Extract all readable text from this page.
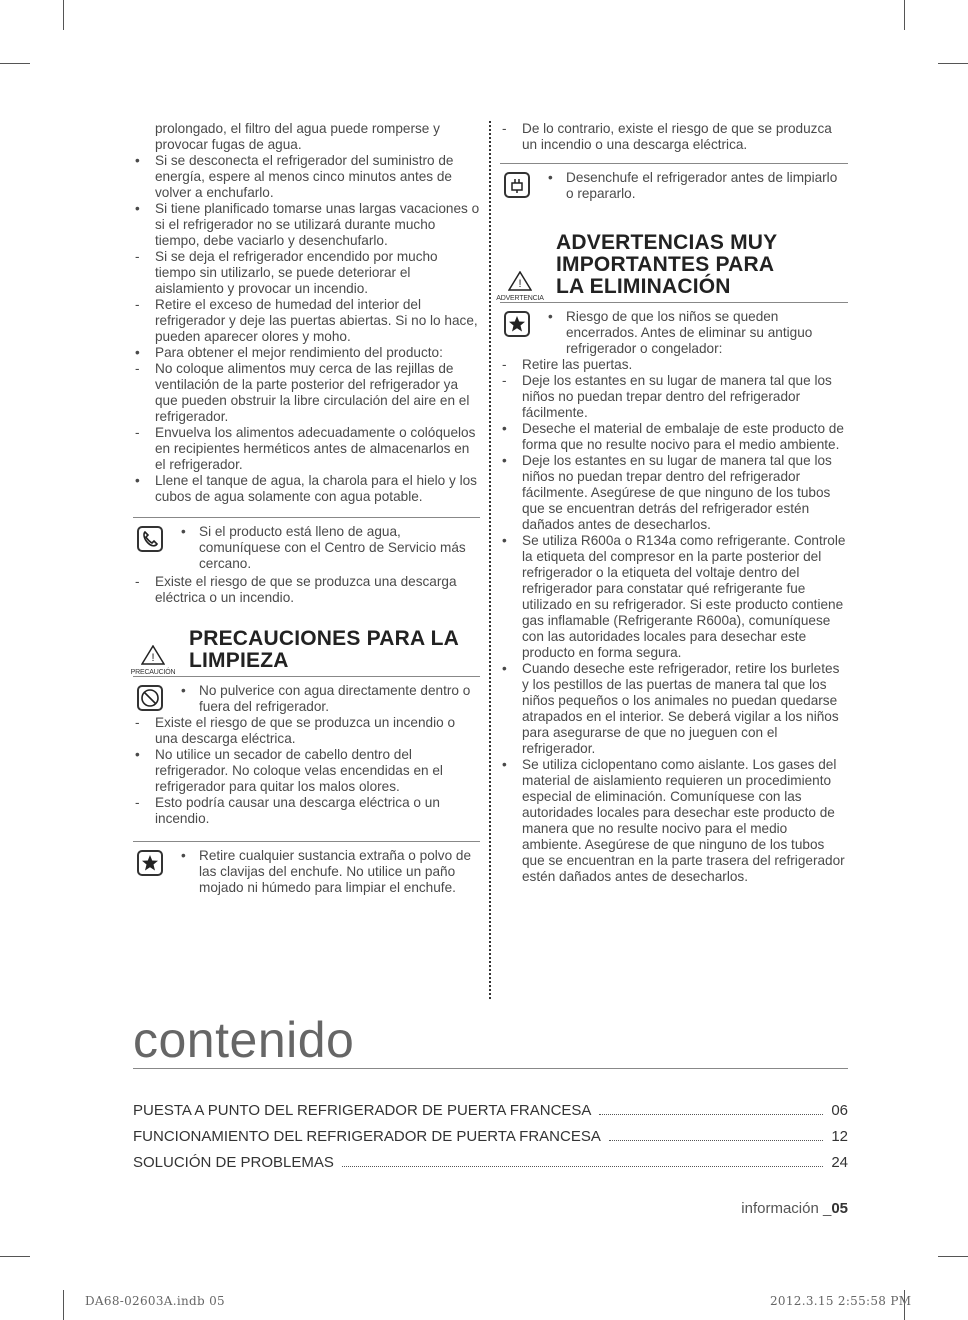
prolongado, el filtro del agua puede romperse y provocar fugas de agua.

•	Si se desconecta el refrigerador del suministro de energía, espere al menos cinco minutos antes de volver a enchufarlo.
•	Si tiene planificado tomarse unas largas vacaciones o si el refrigerador no se utilizará durante mucho tiempo, debe vaciarlo y desenchufarlo.
-	Si se deja el refrigerador encendido por mucho tiempo sin utilizarlo, se puede deteriorar el aislamiento y provocar un incendio.
-	Retire el exceso de humedad del interior del refrigerador y deje las puertas abiertas. Si no lo hace, pueden aparecer olores y moho.
•	Para obtener el mejor rendimiento del producto:
-	No coloque alimentos muy cerca de las rejillas de ventilación de la parte posterior del refrigerador ya que pueden obstruir la libre circulación del aire en el refrigerador.
-	Envuelva los alimentos adecuadamente o colóquelos en recipientes herméticos antes de almacenarlos en el refrigerador.
•	Llene el tanque de agua, la charola para el hielo y los cubos de agua solamente con agua potable.
• Si el producto está lleno de agua, comuníquese con el Centro de Servicio más cercano.
-	Existe el riesgo de que se produzca una descarga eléctrica o un incendio.
!
PRECAUCIÓN
PRECAUCIONES PARA LA LIMPIEZA
• No pulverice con agua directamente dentro o fuera del refrigerador.
-	Existe el riesgo de que se produzca un incendio o una descarga eléctrica.
•	No utilice un secador de cabello dentro del refrigerador. No coloque velas encendidas en el refrigerador para quitar los malos olores.
-	Esto podría causar una descarga eléctrica o un incendio.
• Retire cualquier sustancia extraña o polvo de las clavijas del enchufe. No utilice un paño mojado ni húmedo para limpiar el enchufe.
-	De lo contrario, existe el riesgo de que se produzca un incendio o una descarga eléctrica.
• Desenchufe el refrigerador antes de limpiarlo o repararlo.
!
ADVERTENCIA
ADVERTENCIAS MUY IMPORTANTES PARA LA ELIMINACIÓN
• Riesgo de que los niños se queden encerrados. Antes de eliminar su antiguo refrigerador o congelador:
-	Retire las puertas.
-	Deje los estantes en su lugar de manera tal que los niños no puedan trepar dentro del refrigerador fácilmente.
•	Deseche el material de embalaje de este producto de forma que no resulte nocivo para el medio ambiente.
•	Deje los estantes en su lugar de manera tal que los niños no puedan trepar dentro del refrigerador fácilmente. Asegúrese de que ninguno de los tubos que se encuentran detrás del refrigerador estén dañados antes de desecharlos.
•	Se utiliza R600a o R134a como refrigerante. Controle la etiqueta del compresor en la parte posterior del refrigerador o la etiqueta del voltaje dentro del refrigerador para constatar qué refrigerante fue utilizado en su refrigerador. Si este producto contiene gas inflamable (Refrigerante R600a), comuníquese con las autoridades locales para desechar este producto en forma segura.
•	Cuando deseche este refrigerador, retire los burletes y los pestillos de las puertas de manera tal que los niños pequeños o los animales no puedan quedarse atrapados en el interior. Se deberá vigilar a los niños para asegurarse de que no jueguen con el refrigerador.
•	Se utiliza ciclopentano como aislante. Los gases del material de aislamiento requieren un procedimiento especial de eliminación. Comuníquese con las autoridades locales para desechar este producto de manera que no resulte nocivo para el medio ambiente. Asegúrese de que ninguno de los tubos que se encuentran en la parte trasera del refrigerador estén dañados antes de desecharlos.
contenido
PUESTA A PUNTO DEL REFRIGERADOR DE PUERTA FRANCESA	06
FUNCIONAMIENTO DEL REFRIGERADOR DE PUERTA FRANCESA	12
SOLUCIÓN DE PROBLEMAS	24
información _05
DA68-02603A.indb 05	2012.3.15 2:55:58 PM
